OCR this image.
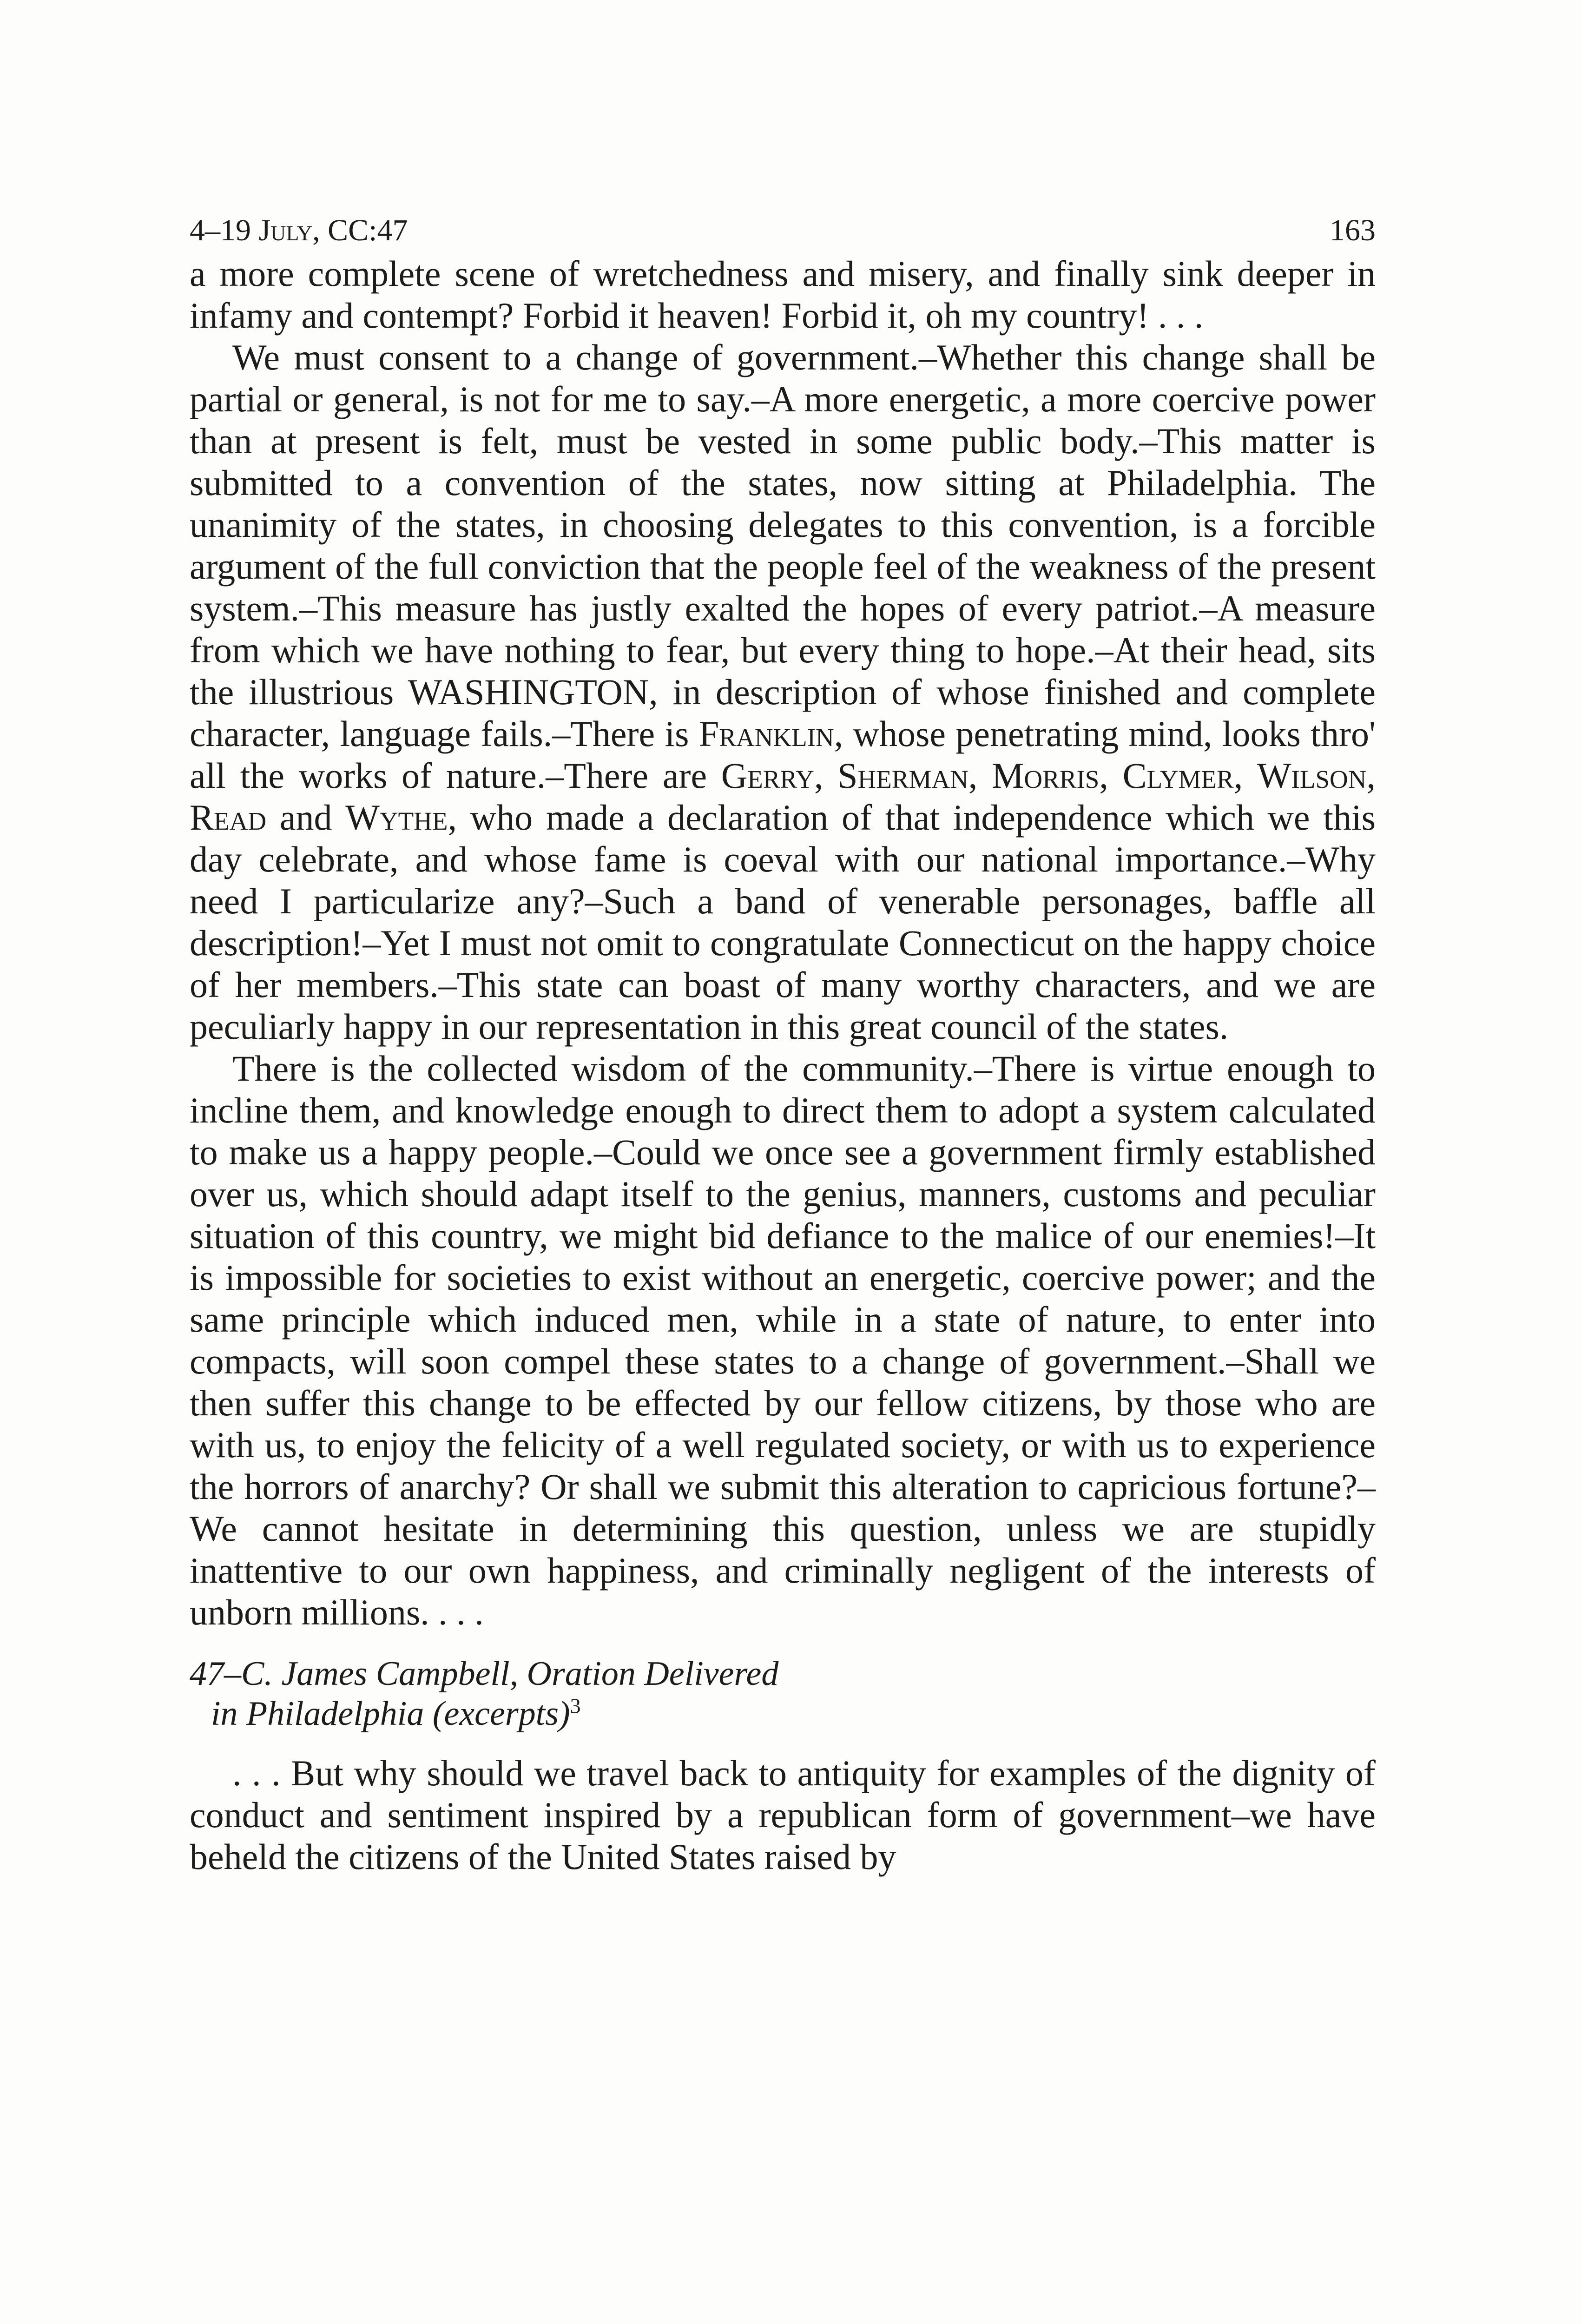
4–19 July, CC:47	163

a more complete scene of wretchedness and misery, and finally sink deeper in infamy and contempt? Forbid it heaven! Forbid it, oh my country! . . .

We must consent to a change of government.–Whether this change shall be partial or general, is not for me to say.–A more energetic, a more coercive power than at present is felt, must be vested in some public body.–This matter is submitted to a convention of the states, now sitting at Philadelphia. The unanimity of the states, in choosing delegates to this convention, is a forcible argument of the full conviction that the people feel of the weakness of the present system.–This measure has justly exalted the hopes of every patriot.–A measure from which we have nothing to fear, but every thing to hope.–At their head, sits the illustrious WASHINGTON, in description of whose finished and complete character, language fails.–There is Franklin, whose penetrating mind, looks thro' all the works of nature.–There are Gerry, Sherman, Morris, Clymer, Wilson, Read and Wythe, who made a declaration of that independence which we this day celebrate, and whose fame is coeval with our national importance.–Why need I particularize any?–Such a band of venerable personages, baffle all description!–Yet I must not omit to congratulate Connecticut on the happy choice of her members.–This state can boast of many worthy characters, and we are peculiarly happy in our representation in this great council of the states.

There is the collected wisdom of the community.–There is virtue enough to incline them, and knowledge enough to direct them to adopt a system calculated to make us a happy people.–Could we once see a government firmly established over us, which should adapt itself to the genius, manners, customs and peculiar situation of this country, we might bid defiance to the malice of our enemies!–It is impossible for societies to exist without an energetic, coercive power; and the same principle which induced men, while in a state of nature, to enter into compacts, will soon compel these states to a change of government.–Shall we then suffer this change to be effected by our fellow citizens, by those who are with us, to enjoy the felicity of a well regulated society, or with us to experience the horrors of anarchy? Or shall we submit this alteration to capricious fortune?–We cannot hesitate in determining this question, unless we are stupidly inattentive to our own happiness, and criminally negligent of the interests of unborn millions. . . .

47–C. James Campbell, Oration Delivered
in Philadelphia (excerpts)$^3$

. . . But why should we travel back to antiquity for examples of the dignity of conduct and sentiment inspired by a republican form of government–we have beheld the citizens of the United States raised by
